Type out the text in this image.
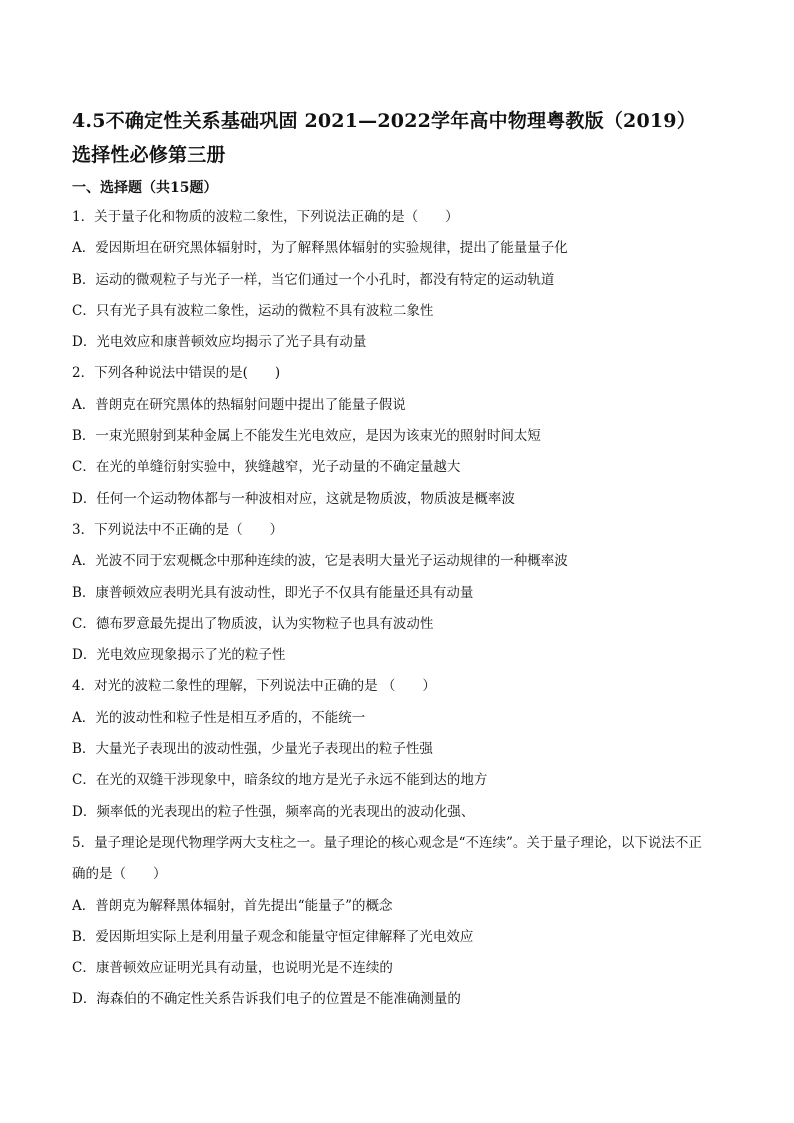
4.5不确定性关系基础巩固 2021—2022学年高中物理粤教版（2019）
选择性必修第三册
一、选择题（共15题）
1．关于量子化和物质的波粒二象性，下列说法正确的是（　　）
A．爱因斯坦在研究黑体辐射时，为了解释黑体辐射的实验规律，提出了能量量子化
B．运动的微观粒子与光子一样，当它们通过一个小孔时，都没有特定的运动轨道
C．只有光子具有波粒二象性，运动的微粒不具有波粒二象性
D．光电效应和康普顿效应均揭示了光子具有动量
2．下列各种说法中错误的是(　　)
A．普朗克在研究黑体的热辐射问题中提出了能量子假说
B．一束光照射到某种金属上不能发生光电效应，是因为该束光的照射时间太短
C．在光的单缝衍射实验中，狭缝越窄，光子动量的不确定量越大
D．任何一个运动物体都与一种波相对应，这就是物质波，物质波是概率波
3．下列说法中不正确的是（　　）
A．光波不同于宏观概念中那种连续的波，它是表明大量光子运动规律的一种概率波
B．康普顿效应表明光具有波动性，即光子不仅具有能量还具有动量
C．德布罗意最先提出了物质波，认为实物粒子也具有波动性
D．光电效应现象揭示了光的粒子性
4．对光的波粒二象性的理解，下列说法中正确的是 （　　）
A．光的波动性和粒子性是相互矛盾的，不能统一
B．大量光子表现出的波动性强，少量光子表现出的粒子性强
C．在光的双缝干涉现象中，暗条纹的地方是光子永远不能到达的地方
D．频率低的光表现出的粒子性强，频率高的光表现出的波动化强、
5．量子理论是现代物理学两大支柱之一。量子理论的核心观念是“不连续”。关于量子理论，以下说法不正
确的是（　　）
A．普朗克为解释黑体辐射，首先提出“能量子”的概念
B．爱因斯坦实际上是利用量子观念和能量守恒定律解释了光电效应
C．康普顿效应证明光具有动量，也说明光是不连续的
D．海森伯的不确定性关系告诉我们电子的位置是不能准确测量的
